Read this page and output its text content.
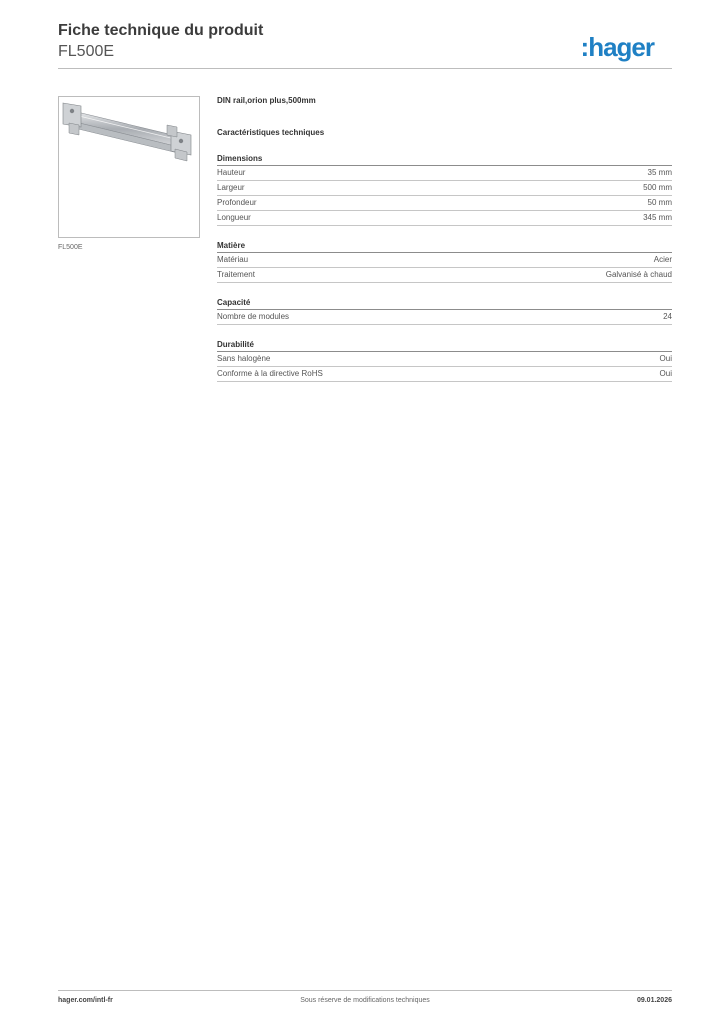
Fiche technique du produit
FL500E	:hager
FL500E
DIN rail,orion plus,500mm
Caractéristiques techniques
Dimensions
Hauteur	35 mm
Largeur	500 mm
Profondeur	50 mm
Longueur	345 mm
Matière
Matériau	Acier
Traitement	Galvanisé à chaud
Capacité
Nombre de modules	24
Durabilité
Sans halogène	Oui
Conforme à la directive RoHS	Oui
hager.com/intl-fr	Sous réserve de modifications techniques	09.01.2026
